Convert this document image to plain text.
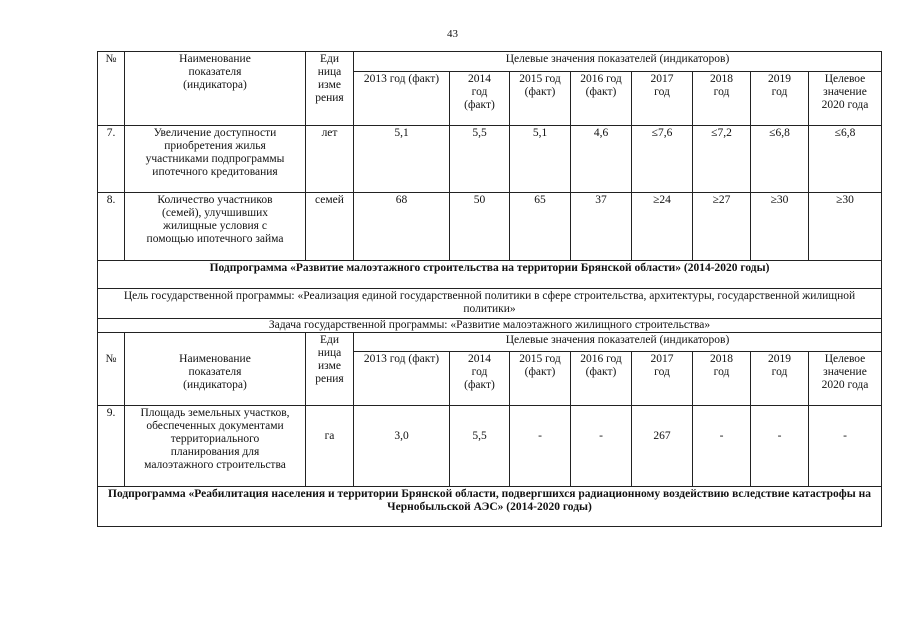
43
№	Наименование
показателя
(индикатора)	Еди
ница
изме
рения	Целевые значения показателей (индикаторов)							
			2013 год (факт)	2014
год
(факт)	2015 год
(факт)	2016 год
(факт)	2017
год	2018
год	2019
год	Целевое
значение
2020 года
7.	Увеличение доступности
приобретения жилья
участниками подпрограммы
ипотечного кредитования	лет	5,1	5,5	5,1	4,6	≤7,6	≤7,2	≤6,8	≤6,8
8.	Количество участников
(семей), улучшивших
жилищные условия с
помощью ипотечного займа	семей	68	50	65	37	≥24	≥27	≥30	≥30
Подпрограмма «Развитие малоэтажного строительства на территории Брянской области» (2014-2020 годы)										
Цель государственной программы: «Реализация единой государственной политики в сфере строительства, архитектуры, государственной жилищной политики»										
Задача государственной программы: «Развитие малоэтажного жилищного строительства»										
№	Наименование
показателя
(индикатора)	Еди
ница
изме
рения	Целевые значения показателей (индикаторов)							
			2013 год (факт)	2014
год
(факт)	2015 год
(факт)	2016 год
(факт)	2017
год	2018
год	2019
год	Целевое
значение
2020 года
9.	Площадь земельных участков,
обеспеченных документами
территориального
планирования для
малоэтажного строительства	га	3,0	5,5	-	-	267	-	-	-
Подпрограмма «Реабилитация населения и территории Брянской области, подвергшихся радиационному воздействию вследствие катастрофы на Чернобыльской АЭС» (2014-2020 годы)										
